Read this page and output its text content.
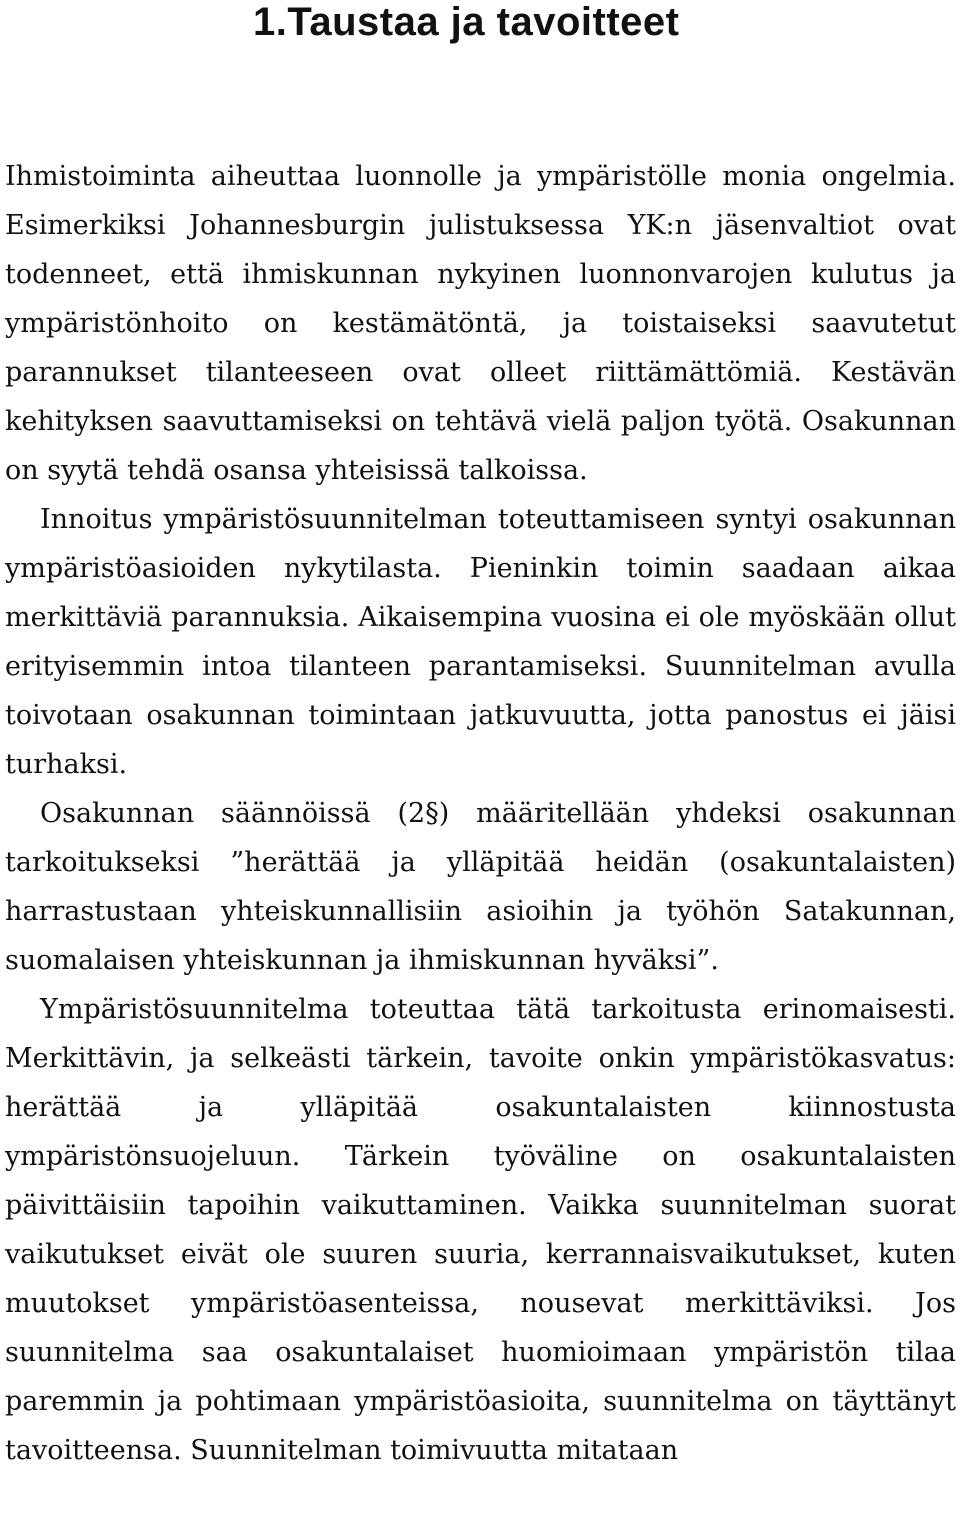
1.Taustaa ja tavoitteet

Ihmistoiminta aiheuttaa luonnolle ja ympäristölle monia ongelmia. Esimerkiksi Johannesburgin julistuksessa YK:n jäsenvaltiot ovat todenneet, että ihmiskunnan nykyinen luonnonvarojen kulutus ja ympäristönhoito on kestämätöntä, ja toistaiseksi saavutetut parannukset tilanteeseen ovat olleet riittämättömiä. Kestävän kehityksen saavuttamiseksi on tehtävä vielä paljon työtä. Osakunnan on syytä tehdä osansa yhteisissä talkoissa.

Innoitus ympäristösuunnitelman toteuttamiseen syntyi osakunnan ympäristöasioiden nykytilasta. Pieninkin toimin saadaan aikaa merkittäviä parannuksia. Aikaisempina vuosina ei ole myöskään ollut erityisemmin intoa tilanteen parantamiseksi. Suunnitelman avulla toivotaan osakunnan toimintaan jatkuvuutta, jotta panostus ei jäisi turhaksi.

Osakunnan säännöissä (2§) määritellään yhdeksi osakunnan tarkoitukseksi ”herättää ja ylläpitää heidän (osakuntalaisten) harrastustaan yhteiskunnallisiin asioihin ja työhön Satakunnan, suomalaisen yhteiskunnan ja ihmiskunnan hyväksi”.

Ympäristösuunnitelma toteuttaa tätä tarkoitusta erinomaisesti. Merkittävin, ja selkeästi tärkein, tavoite onkin ympäristökasvatus: herättää ja ylläpitää osakuntalaisten kiinnostusta ympäristönsuojeluun. Tärkein työväline on osakuntalaisten päivittäisiin tapoihin vaikuttaminen. Vaikka suunnitelman suorat vaikutukset eivät ole suuren suuria, kerrannaisvaikutukset, kuten muutokset ympäristöasenteissa, nousevat merkittäviksi. Jos suunnitelma saa osakuntalaiset huomioimaan ympäristön tilaa paremmin ja pohtimaan ympäristöasioita, suunnitelma on täyttänyt tavoitteensa. Suunnitelman toimivuutta mitataan
